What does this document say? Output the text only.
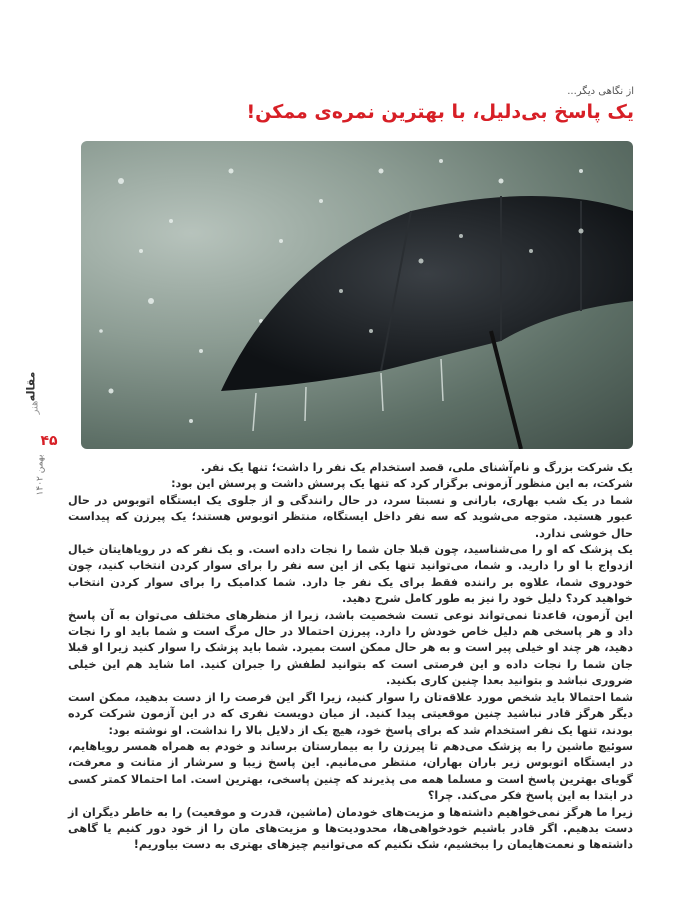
از نگاهی دیگر...
یک پاسخ بی‌دلیل، با بهترین نمره‌ی ممکن!
مقاله
هنر
۴۵
بهمن ۱۴۰۲	یک شرکت بزرگ و نام‌آشنای ملی، قصد استخدام یک نفر را داشت؛ تنها یک نفر.

شرکت، به این منظور آزمونی برگزار کرد که تنها یک پرسش داشت و پرسش این بود:

شما در یک شب بهاری، بارانی و نسبتا سرد، در حال رانندگی و از جلوی یک ایستگاه اتوبوس در حال عبور هستید. متوجه می‌شوید که سه نفر داخل ایستگاه، منتظر اتوبوس هستند؛ یک پیرزن که پیداست حال خوشی ندارد.

یک پزشک که او را می‌شناسید، چون قبلا جان شما را نجات داده است. و یک نفر که در رویاهایتان خیال ازدواج با او را دارید. و شما، می‌توانید تنها یکی از این سه نفر را برای سوار کردن انتخاب کنید، چون خودروی شما، علاوه بر راننده فقط برای یک نفر جا دارد. شما کدامیک را برای سوار کردن انتخاب خواهید کرد؟ دلیل خود را نیز به طور کامل شرح دهید.

این آزمون، قاعدتا نمی‌تواند نوعی تست شخصیت باشد، زیرا از منظرهای مختلف می‌توان به آن پاسخ داد و هر پاسخی هم دلیل خاص خودش را دارد. پیرزن احتمالا در حال مرگ است و شما باید او را نجات دهید، هر چند او خیلی پیر است و به هر حال ممکن است بمیرد. شما باید پزشک را سوار کنید زیرا او قبلا جان شما را نجات داده و این فرصتی است که بتوانید لطفش را جبران کنید. اما شاید هم این خیلی ضروری نباشد و بتوانید بعدا چنین کاری بکنید.

شما احتمالا باید شخص مورد علاقه‌تان را سوار کنید، زیرا اگر این فرصت را از دست بدهید، ممکن است دیگر هرگز قادر نباشید چنین موقعیتی پیدا کنید. از میان دویست نفری که در این آزمون شرکت کرده بودند، تنها یک نفر استخدام شد که برای پاسخ خود، هیچ یک از دلایل بالا را نداشت. او نوشته بود:

سوئیچ ماشین را به پزشک می‌دهم تا پیرزن را به بیمارستان برساند و خودم به همراه همسر رویاهایم، در ایستگاه اتوبوس زیر باران بهاران، منتظر می‌مانیم. این پاسخ زیبا و سرشار از متانت و معرفت، گویای بهترین پاسخ است و مسلما همه می پذیرند که چنین پاسخی، بهترین است. اما احتمالا کمتر کسی در ابتدا به این پاسخ فکر می‌کند. چرا؟

زیرا ما هرگز نمی‌خواهیم داشته‌ها و مزیت‌های خودمان (ماشین، قدرت و موقعیت) را به خاطر دیگران از دست بدهیم. اگر قادر باشیم خودخواهی‌ها، محدودیت‌ها و مزیت‌های مان را از خود دور کنیم یا گاهی داشته‌ها و نعمت‌هایمان را ببخشیم، شک نکنیم که می‌توانیم چیزهای بهتری به دست بیاوریم!
